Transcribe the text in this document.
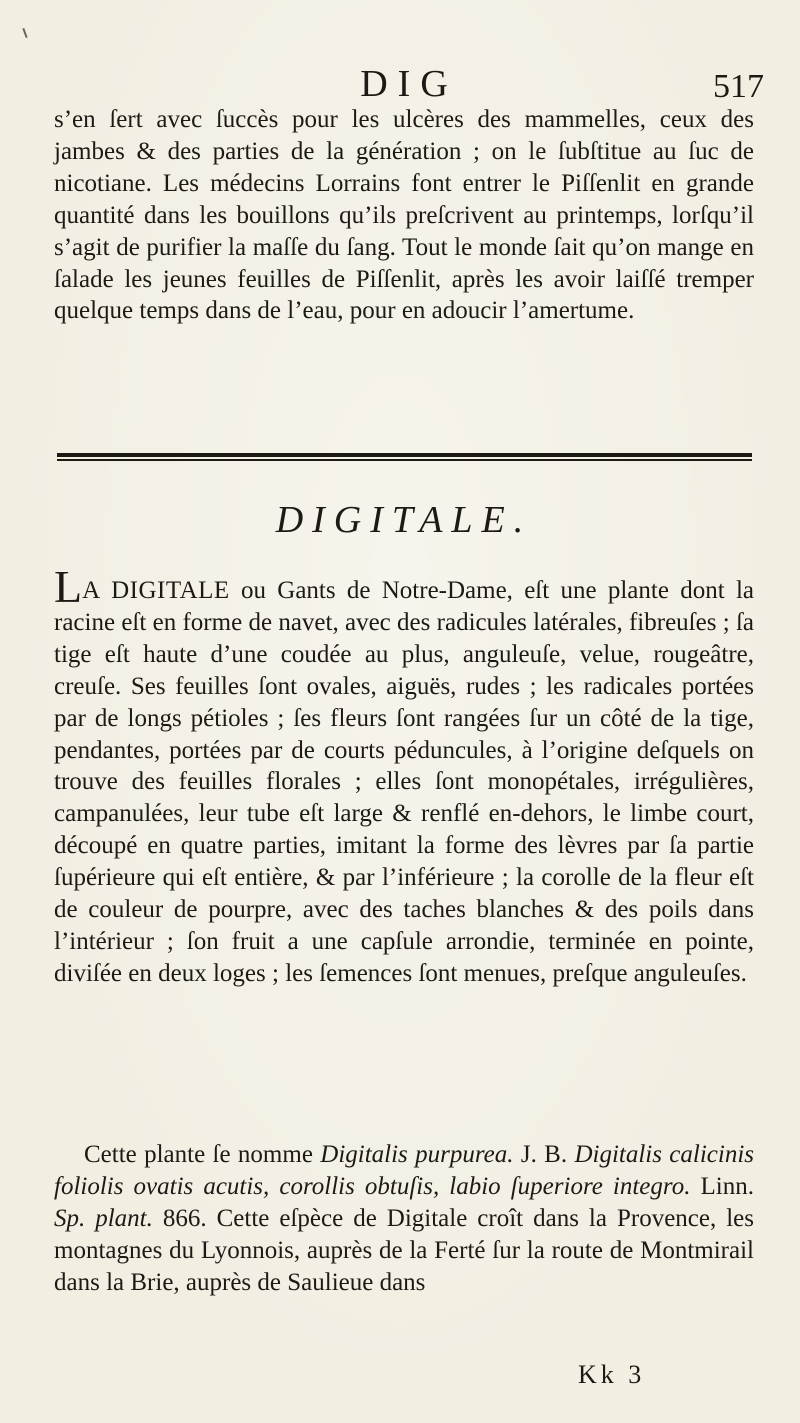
DIG	517

s’en ſert avec ſuccès pour les ulcères des mammelles, ceux des jambes & des parties de la génération ; on le ſubſtitue au ſuc de nicotiane. Les médecins Lorrains font entrer le Piſſenlit en grande quantité dans les bouillons qu’ils preſcrivent au printemps, lorſqu’il s’agit de purifier la maſſe du ſang. Tout le monde ſait qu’on mange en ſalade les jeunes feuilles de Piſſenlit, après les avoir laiſſé tremper quelque temps dans de l’eau, pour en adoucir l’amertume.

DIGITALE.

LA DIGITALE ou Gants de Notre-Dame, eſt une plante dont la racine eſt en forme de navet, avec des radicules latérales, fibreuſes ; ſa tige eſt haute d’une coudée au plus, anguleuſe, velue, rougeâtre, creuſe. Ses feuilles ſont ovales, aiguës, rudes ; les radicales portées par de longs pétioles ; ſes fleurs ſont rangées ſur un côté de la tige, pendantes, portées par de courts péduncules, à l’origine deſquels on trouve des feuilles florales ; elles ſont monopétales, irrégulières, campanulées, leur tube eſt large & renflé en-dehors, le limbe court, découpé en quatre parties, imitant la forme des lèvres par ſa partie ſupérieure qui eſt entière, & par l’inférieure ; la corolle de la fleur eſt de couleur de pourpre, avec des taches blanches & des poils dans l’intérieur ; ſon fruit a une capſule arrondie, terminée en pointe, diviſée en deux loges ; les ſemences ſont menues, preſque anguleuſes.

Cette plante ſe nomme Digitalis purpurea. J. B. Digitalis calicinis foliolis ovatis acutis, corollis obtuſis, labio ſuperiore integro. Linn. Sp. plant. 866. Cette eſpèce de Digitale croît dans la Provence, les montagnes du Lyonnois, auprès de la Ferté ſur la route de Montmirail dans la Brie, auprès de Saulieue dans

Kk 3
